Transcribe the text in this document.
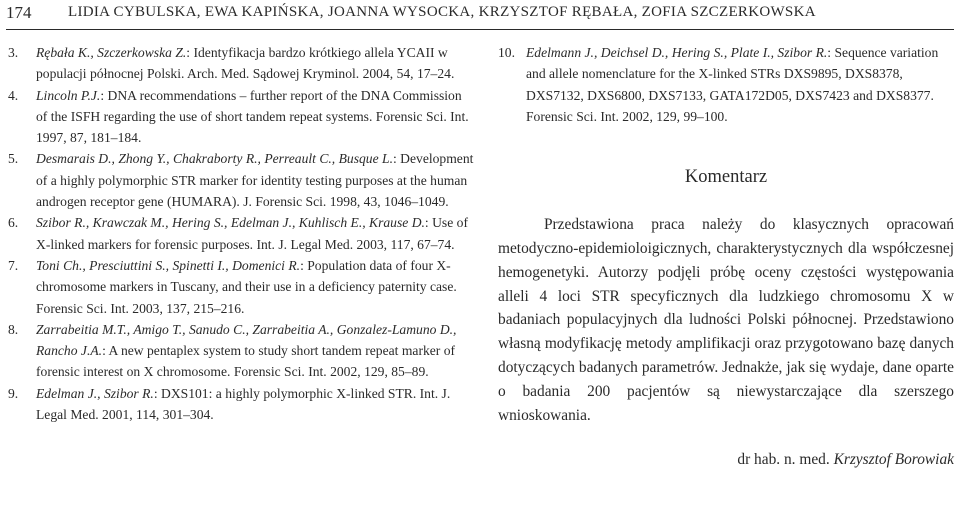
174 LIDIA CYBULSKA, EWA KAPIŃSKA, JOANNA WYSOCKA, KRZYSZTOF RĘBAŁA, ZOFIA SZCZERKOWSKA
3. Rębała K., Szczerkowska Z.: Identyfikacja bardzo krótkiego allela YCAII w populacji północnej Polski. Arch. Med. Sądowej Kryminol. 2004, 54, 17–24.
4. Lincoln P.J.: DNA recommendations – further report of the DNA Commission of the ISFH regarding the use of short tandem repeat systems. Forensic Sci. Int. 1997, 87, 181–184.
5. Desmarais D., Zhong Y., Chakraborty R., Perreault C., Busque L.: Development of a highly polymorphic STR marker for identity testing purposes at the human androgen receptor gene (HUMARA). J. Forensic Sci. 1998, 43, 1046–1049.
6. Szibor R., Krawczak M., Hering S., Edelman J., Kuhlisch E., Krause D.: Use of X-linked markers for forensic purposes. Int. J. Legal Med. 2003, 117, 67–74.
7. Toni Ch., Presciuttini S., Spinetti I., Domenici R.: Population data of four X-chromosome markers in Tuscany, and their use in a deficiency paternity case. Forensic Sci. Int. 2003, 137, 215–216.
8. Zarrabeitia M.T., Amigo T., Sanudo C., Zarrabeitia A., Gonzalez-Lamuno D., Rancho J.A.: A new pentaplex system to study short tandem repeat marker of forensic interest on X chromosome. Forensic Sci. Int. 2002, 129, 85–89.
9. Edelman J., Szibor R.: DXS101: a highly polymorphic X-linked STR. Int. J. Legal Med. 2001, 114, 301–304.
10. Edelmann J., Deichsel D., Hering S., Plate I., Szibor R.: Sequence variation and allele nomenclature for the X-linked STRs DXS9895, DXS8378, DXS7132, DXS6800, DXS7133, GATA172D05, DXS7423 and DXS8377. Forensic Sci. Int. 2002, 129, 99–100.
Komentarz
Przedstawiona praca należy do klasycznych opracowań metodyczno-epidemioloigicznych, charakterystycznych dla współczesnej hemogenetyki. Autorzy podjęli próbę oceny częstości występowania alleli 4 loci STR specyficznych dla ludzkiego chromosomu X w badaniach populacyjnych dla ludności Polski północnej. Przedstawiono własną modyfikację metody amplifikacji oraz przygotowano bazę danych dotyczących badanych parametrów. Jednakże, jak się wydaje, dane oparte o badania 200 pacjentów są niewystarczające dla szerszego wnioskowania.
dr hab. n. med. Krzysztof Borowiak
